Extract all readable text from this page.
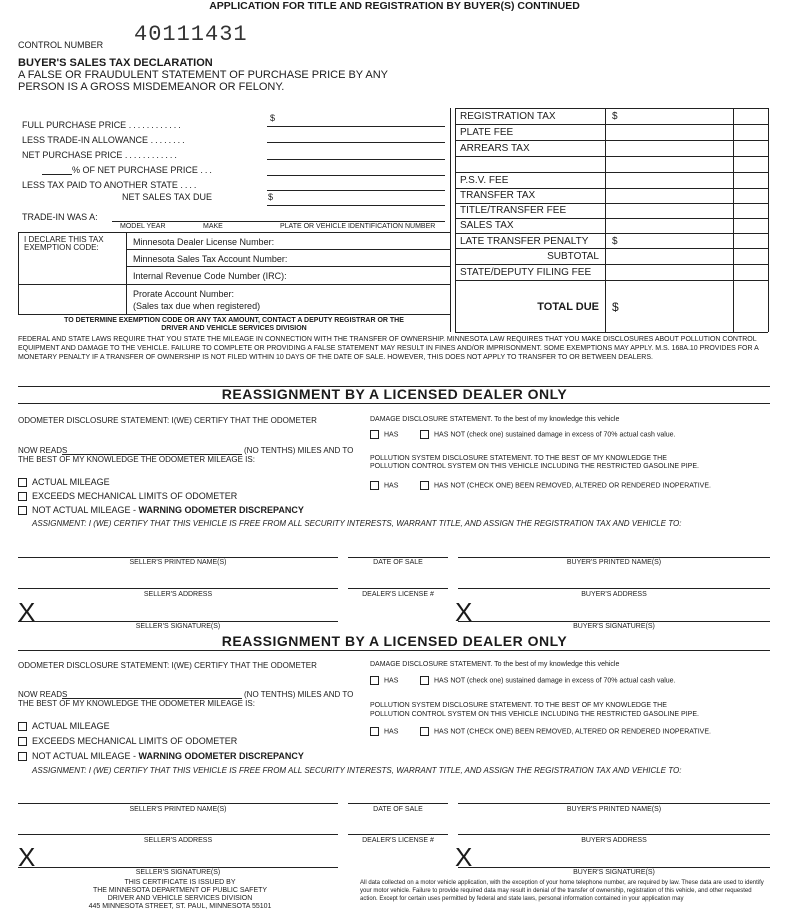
APPLICATION FOR TITLE AND REGISTRATION BY BUYER(S) CONTINUED
CONTROL NUMBER 40111431
BUYER'S SALES TAX DECLARATION
A FALSE OR FRAUDULENT STATEMENT OF PURCHASE PRICE BY ANY
PERSON IS A GROSS MISDEMEANOR OR FELONY.
FULL PURCHASE PRICE ............
LESS TRADE-IN ALLOWANCE ........
NET PURCHASE PRICE ............
% OF NET PURCHASE PRICE ...
LESS TAX PAID TO ANOTHER STATE ....
NET SALES TAX DUE
$
$
TRADE-IN WAS A:
MODEL YEAR	MAKE	PLATE OR VEHICLE IDENTIFICATION NUMBER
I DECLARE THIS TAX EXEMPTION CODE:
Minnesota Dealer License Number:
Minnesota Sales Tax Account Number:
Internal Revenue Code Number (IRC):
Prorate Account Number:
(Sales tax due when registered)
TO DETERMINE EXEMPTION CODE OR ANY TAX AMOUNT, CONTACT A DEPUTY REGISTRAR OR THE
DRIVER AND VEHICLE SERVICES DIVISION
REGISTRATION TAX	$
PLATE FEE
ARREARS TAX
P.S.V. FEE
TRANSFER TAX
TITLE/TRANSFER FEE
SALES TAX
LATE TRANSFER PENALTY $
SUBTOTAL
STATE/DEPUTY FILING FEE
TOTAL DUE $
FEDERAL AND STATE LAWS REQUIRE THAT YOU STATE THE MILEAGE IN CONNECTION WITH THE TRANSFER OF OWNERSHIP. MINNESOTA LAW REQUIRES THAT YOU MAKE DISCLOSURES ABOUT POLLUTION CONTROL EQUIPMENT AND DAMAGE TO THE VEHICLE. FAILURE TO COMPLETE OR PROVIDING A FALSE STATEMENT MAY RESULT IN FINES AND/OR IMPRISONMENT. SOME EXEMPTIONS MAY APPLY. M.S. 168A.10 PROVIDES FOR A MONETARY PENALTY IF A TRANSFER OF OWNERSHIP IS NOT FILED WITHIN 10 DAYS OF THE DATE OF SALE. HOWEVER, THIS DOES NOT APPLY TO TRANSFER TO OR BETWEEN DEALERS.
REASSIGNMENT BY A LICENSED DEALER ONLY
ODOMETER DISCLOSURE STATEMENT: I(WE) CERTIFY THAT THE ODOMETER
NOW READS	(NO TENTHS) MILES AND TO
THE BEST OF MY KNOWLEDGE THE ODOMETER MILEAGE IS:
ACTUAL MILEAGE
EXCEEDS MECHANICAL LIMITS OF ODOMETER
NOT ACTUAL MILEAGE - WARNING ODOMETER DISCREPANCY
DAMAGE DISCLOSURE STATEMENT. To the best of my knowledge this vehicle
HAS	HAS NOT (check one) sustained damage in excess of 70% actual cash value.
POLLUTION SYSTEM DISCLOSURE STATEMENT. TO THE BEST OF MY KNOWLEDGE THE
POLLUTION CONTROL SYSTEM ON THIS VEHICLE INCLUDING THE RESTRICTED GASOLINE PIPE.
HAS	HAS NOT (CHECK ONE) BEEN REMOVED, ALTERED OR RENDERED INOPERATIVE.
ASSIGNMENT: I (WE) CERTIFY THAT THIS VEHICLE IS FREE FROM ALL SECURITY INTERESTS, WARRANT TITLE, AND ASSIGN THE REGISTRATION TAX AND VEHICLE TO:
SELLER'S PRINTED NAME(S)	DATE OF SALE	BUYER'S PRINTED NAME(S)
SELLER'S ADDRESS	DEALER'S LICENSE #	BUYER'S ADDRESS
X	X
SELLER'S SIGNATURE(S)	BUYER'S SIGNATURE(S)
REASSIGNMENT BY A LICENSED DEALER ONLY
ODOMETER DISCLOSURE STATEMENT: I(WE) CERTIFY THAT THE ODOMETER
NOW READS	(NO TENTHS) MILES AND TO
THE BEST OF MY KNOWLEDGE THE ODOMETER MILEAGE IS:
ACTUAL MILEAGE
EXCEEDS MECHANICAL LIMITS OF ODOMETER
NOT ACTUAL MILEAGE - WARNING ODOMETER DISCREPANCY
DAMAGE DISCLOSURE STATEMENT. To the best of my knowledge this vehicle
HAS	HAS NOT (check one) sustained damage in excess of 70% actual cash value.
POLLUTION SYSTEM DISCLOSURE STATEMENT. TO THE BEST OF MY KNOWLEDGE THE
POLLUTION CONTROL SYSTEM ON THIS VEHICLE INCLUDING THE RESTRICTED GASOLINE PIPE.
HAS	HAS NOT (CHECK ONE) BEEN REMOVED, ALTERED OR RENDERED INOPERATIVE.
ASSIGNMENT: I (WE) CERTIFY THAT THIS VEHICLE IS FREE FROM ALL SECURITY INTERESTS, WARRANT TITLE, AND ASSIGN THE REGISTRATION TAX AND VEHICLE TO:
SELLER'S PRINTED NAME(S)	DATE OF SALE	BUYER'S PRINTED NAME(S)
SELLER'S ADDRESS	DEALER'S LICENSE #	BUYER'S ADDRESS
X	X
SELLER'S SIGNATURE(S)	BUYER'S SIGNATURE(S)
THIS CERTIFICATE IS ISSUED BY
THE MINNESOTA DEPARTMENT OF PUBLIC SAFETY
DRIVER AND VEHICLE SERVICES DIVISION
445 MINNESOTA STREET, ST. PAUL, MINNESOTA 55101
All data collected on a motor vehicle application, with the exception of your home telephone number, are required by law. These data are used to identify your motor vehicle. Failure to provide required data may result in denial of the transfer of ownership, registration of this vehicle, and other requested action. Except for certain uses permitted by federal and state laws, personal information contained in your application may
